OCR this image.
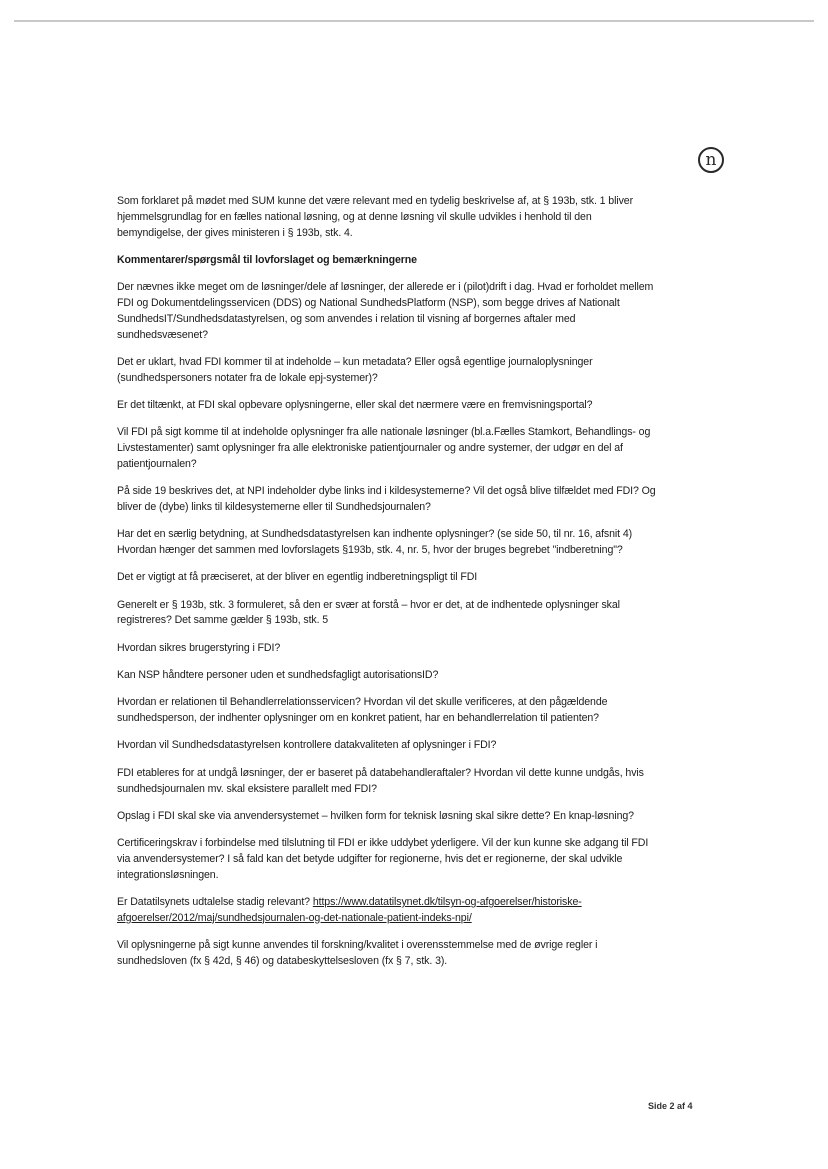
n

Som forklaret på mødet med SUM kunne det være relevant med en tydelig beskrivelse af, at § 193b, stk. 1 bliver hjemmelsgrundlag for en fælles national løsning, og at denne løsning vil skulle udvikles i henhold til den bemyndigelse, der gives ministeren i § 193b, stk. 4.

Kommentarer/spørgsmål til lovforslaget og bemærkningerne

Der nævnes ikke meget om de løsninger/dele af løsninger, der allerede er i (pilot)drift i dag. Hvad er forholdet mellem FDI og Dokumentdelingsservicen (DDS) og National SundhedsPlatform (NSP), som begge drives af Nationalt SundhedsIT/Sundhedsdatastyrelsen, og som anvendes i relation til visning af borgernes aftaler med sundhedsvæsenet?

Det er uklart, hvad FDI kommer til at indeholde – kun metadata? Eller også egentlige journaloplysninger (sundhedspersoners notater fra de lokale epj-systemer)?

Er det tiltænkt, at FDI skal opbevare oplysningerne, eller skal det nærmere være en fremvisningsportal?

Vil FDI på sigt komme til at indeholde oplysninger fra alle nationale løsninger (bl.a.Fælles Stamkort, Behandlings- og Livstestamenter) samt oplysninger fra alle elektroniske patientjournaler og andre systemer, der udgør en del af patientjournalen?

På side 19 beskrives det, at NPI indeholder dybe links ind i kildesystemerne? Vil det også blive tilfældet med FDI? Og bliver de (dybe) links til kildesystemerne eller til Sundhedsjournalen?

Har det en særlig betydning, at Sundhedsdatastyrelsen kan indhente oplysninger? (se side 50, til nr. 16, afsnit 4) Hvordan hænger det sammen med lovforslagets §193b, stk. 4, nr. 5, hvor der bruges begrebet "indberetning"?

Det er vigtigt at få præciseret, at der bliver en egentlig indberetningspligt til FDI

Generelt er § 193b, stk. 3 formuleret, så den er svær at forstå – hvor er det, at de indhentede oplysninger skal registreres? Det samme gælder § 193b, stk. 5

Hvordan sikres brugerstyring i FDI?

Kan NSP håndtere personer uden et sundhedsfagligt autorisationsID?

Hvordan er relationen til Behandlerrelationsservicen? Hvordan vil det skulle verificeres, at den pågældende sundhedsperson, der indhenter oplysninger om en konkret patient, har en behandlerrelation til patienten?

Hvordan vil Sundhedsdatastyrelsen kontrollere datakvaliteten af oplysninger i FDI?

FDI etableres for at undgå løsninger, der er baseret på databehandleraftaler? Hvordan vil dette kunne undgås, hvis sundhedsjournalen mv. skal eksistere parallelt med FDI?

Opslag i FDI skal ske via anvendersystemet – hvilken form for teknisk løsning skal sikre dette? En knap-løsning?

Certificeringskrav i forbindelse med tilslutning til FDI er ikke uddybet yderligere. Vil der kun kunne ske adgang til FDI via anvendersystemer? I så fald kan det betyde udgifter for regionerne, hvis det er regionerne, der skal udvikle integrationsløsningen.

Er Datatilsynets udtalelse stadig relevant? https://www.datatilsynet.dk/tilsyn-og-afgoerelser/historiske-afgoerelser/2012/maj/sundhedsjournalen-og-det-nationale-patient-indeks-npi/

Vil oplysningerne på sigt kunne anvendes til forskning/kvalitet i overensstemmelse med de øvrige regler i sundhedsloven (fx § 42d, § 46) og databeskyttelsesloven (fx § 7, stk. 3).

Side 2 af 4
